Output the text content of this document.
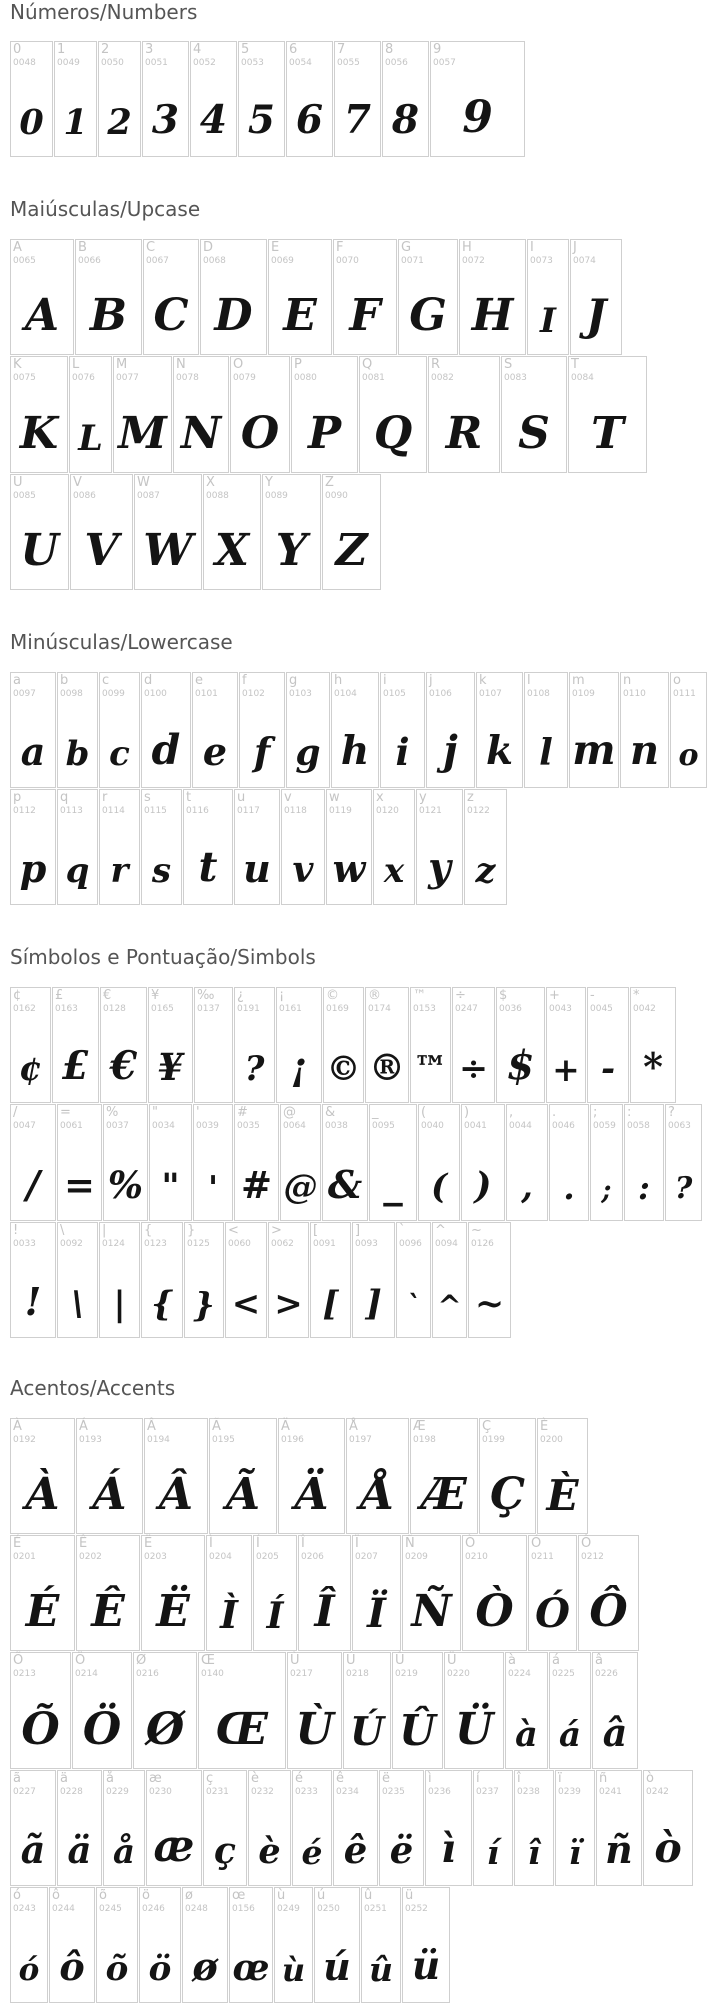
Números/Numbers
0
0048
0
1
0049
1
2
0050
2
3
0051
3
4
0052
4
5
0053
5
6
0054
6
7
0055
7
8
0056
8
9
0057
9
Maiúsculas/Upcase
A
0065
A
B
0066
B
C
0067
C
D
0068
D
E
0069
E
F
0070
F
G
0071
G
H
0072
H
I
0073
I
J
0074
J
K
0075
K
L
0076
L
M
0077
M
N
0078
N
O
0079
O
P
0080
P
Q
0081
Q
R
0082
R
S
0083
S
T
0084
T
U
0085
U
V
0086
V
W
0087
W
X
0088
X
Y
0089
Y
Z
0090
Z
Minúsculas/Lowercase
a
0097
a
b
0098
b
c
0099
c
d
0100
d
e
0101
e
f
0102
f
g
0103
g
h
0104
h
i
0105
i
j
0106
j
k
0107
k
l
0108
l
m
0109
m
n
0110
n
o
0111
o
p
0112
p
q
0113
q
r
0114
r
s
0115
s
t
0116
t
u
0117
u
v
0118
v
w
0119
w
x
0120
x
y
0121
y
z
0122
z
Símbolos e Pontuação/Simbols
¢
0162
¢
£
0163
£
€
0128
€
¥
0165
¥
‰
0137
¿
0191
?
¡
0161
¡
©
0169
©
®
0174
®
™
0153
™
÷
0247
÷
$
0036
$
+
0043
+
-
0045
-
*
0042
*
/
0047
/
=
0061
=
%
0037
%
"
0034
"
'
0039
'
#
0035
#
@
0064
@
&
0038
&
_
0095
_
(
0040
(
)
0041
)
,
0044
,
.
0046
.
;
0059
;
:
0058
:
?
0063
?
!
0033
!
\
0092
\
|
0124
|
{
0123
{
}
0125
}
<
0060
<
>
0062
>
[
0091
[
]
0093
]
`
0096
`
^
0094
^
~
0126
~
Acentos/Accents
À
0192
À
Á
0193
Á
Â
0194
Â
Ã
0195
Ã
Ä
0196
Ä
Å
0197
Å
Æ
0198
Æ
Ç
0199
Ç
È
0200
È
É
0201
É
Ê
0202
Ê
Ë
0203
Ë
Ì
0204
Ì
Í
0205
Í
Î
0206
Î
Ï
0207
Ï
Ñ
0209
Ñ
Ò
0210
Ò
Ó
0211
Ó
Ô
0212
Ô
Õ
0213
Õ
Ö
0214
Ö
Ø
0216
Ø
Œ
0140
Œ
Ù
0217
Ù
Ú
0218
Ú
Û
0219
Û
Ü
0220
Ü
à
0224
à
á
0225
á
â
0226
â
ã
0227
ã
ä
0228
ä
å
0229
å
æ
0230
æ
ç
0231
ç
è
0232
è
é
0233
é
ê
0234
ê
ë
0235
ë
ì
0236
ì
í
0237
í
î
0238
î
ï
0239
ï
ñ
0241
ñ
ò
0242
ò
ó
0243
ó
ô
0244
ô
õ
0245
õ
ö
0246
ö
ø
0248
ø
œ
0156
œ
ù
0249
ù
ú
0250
ú
û
0251
û
ü
0252
ü
